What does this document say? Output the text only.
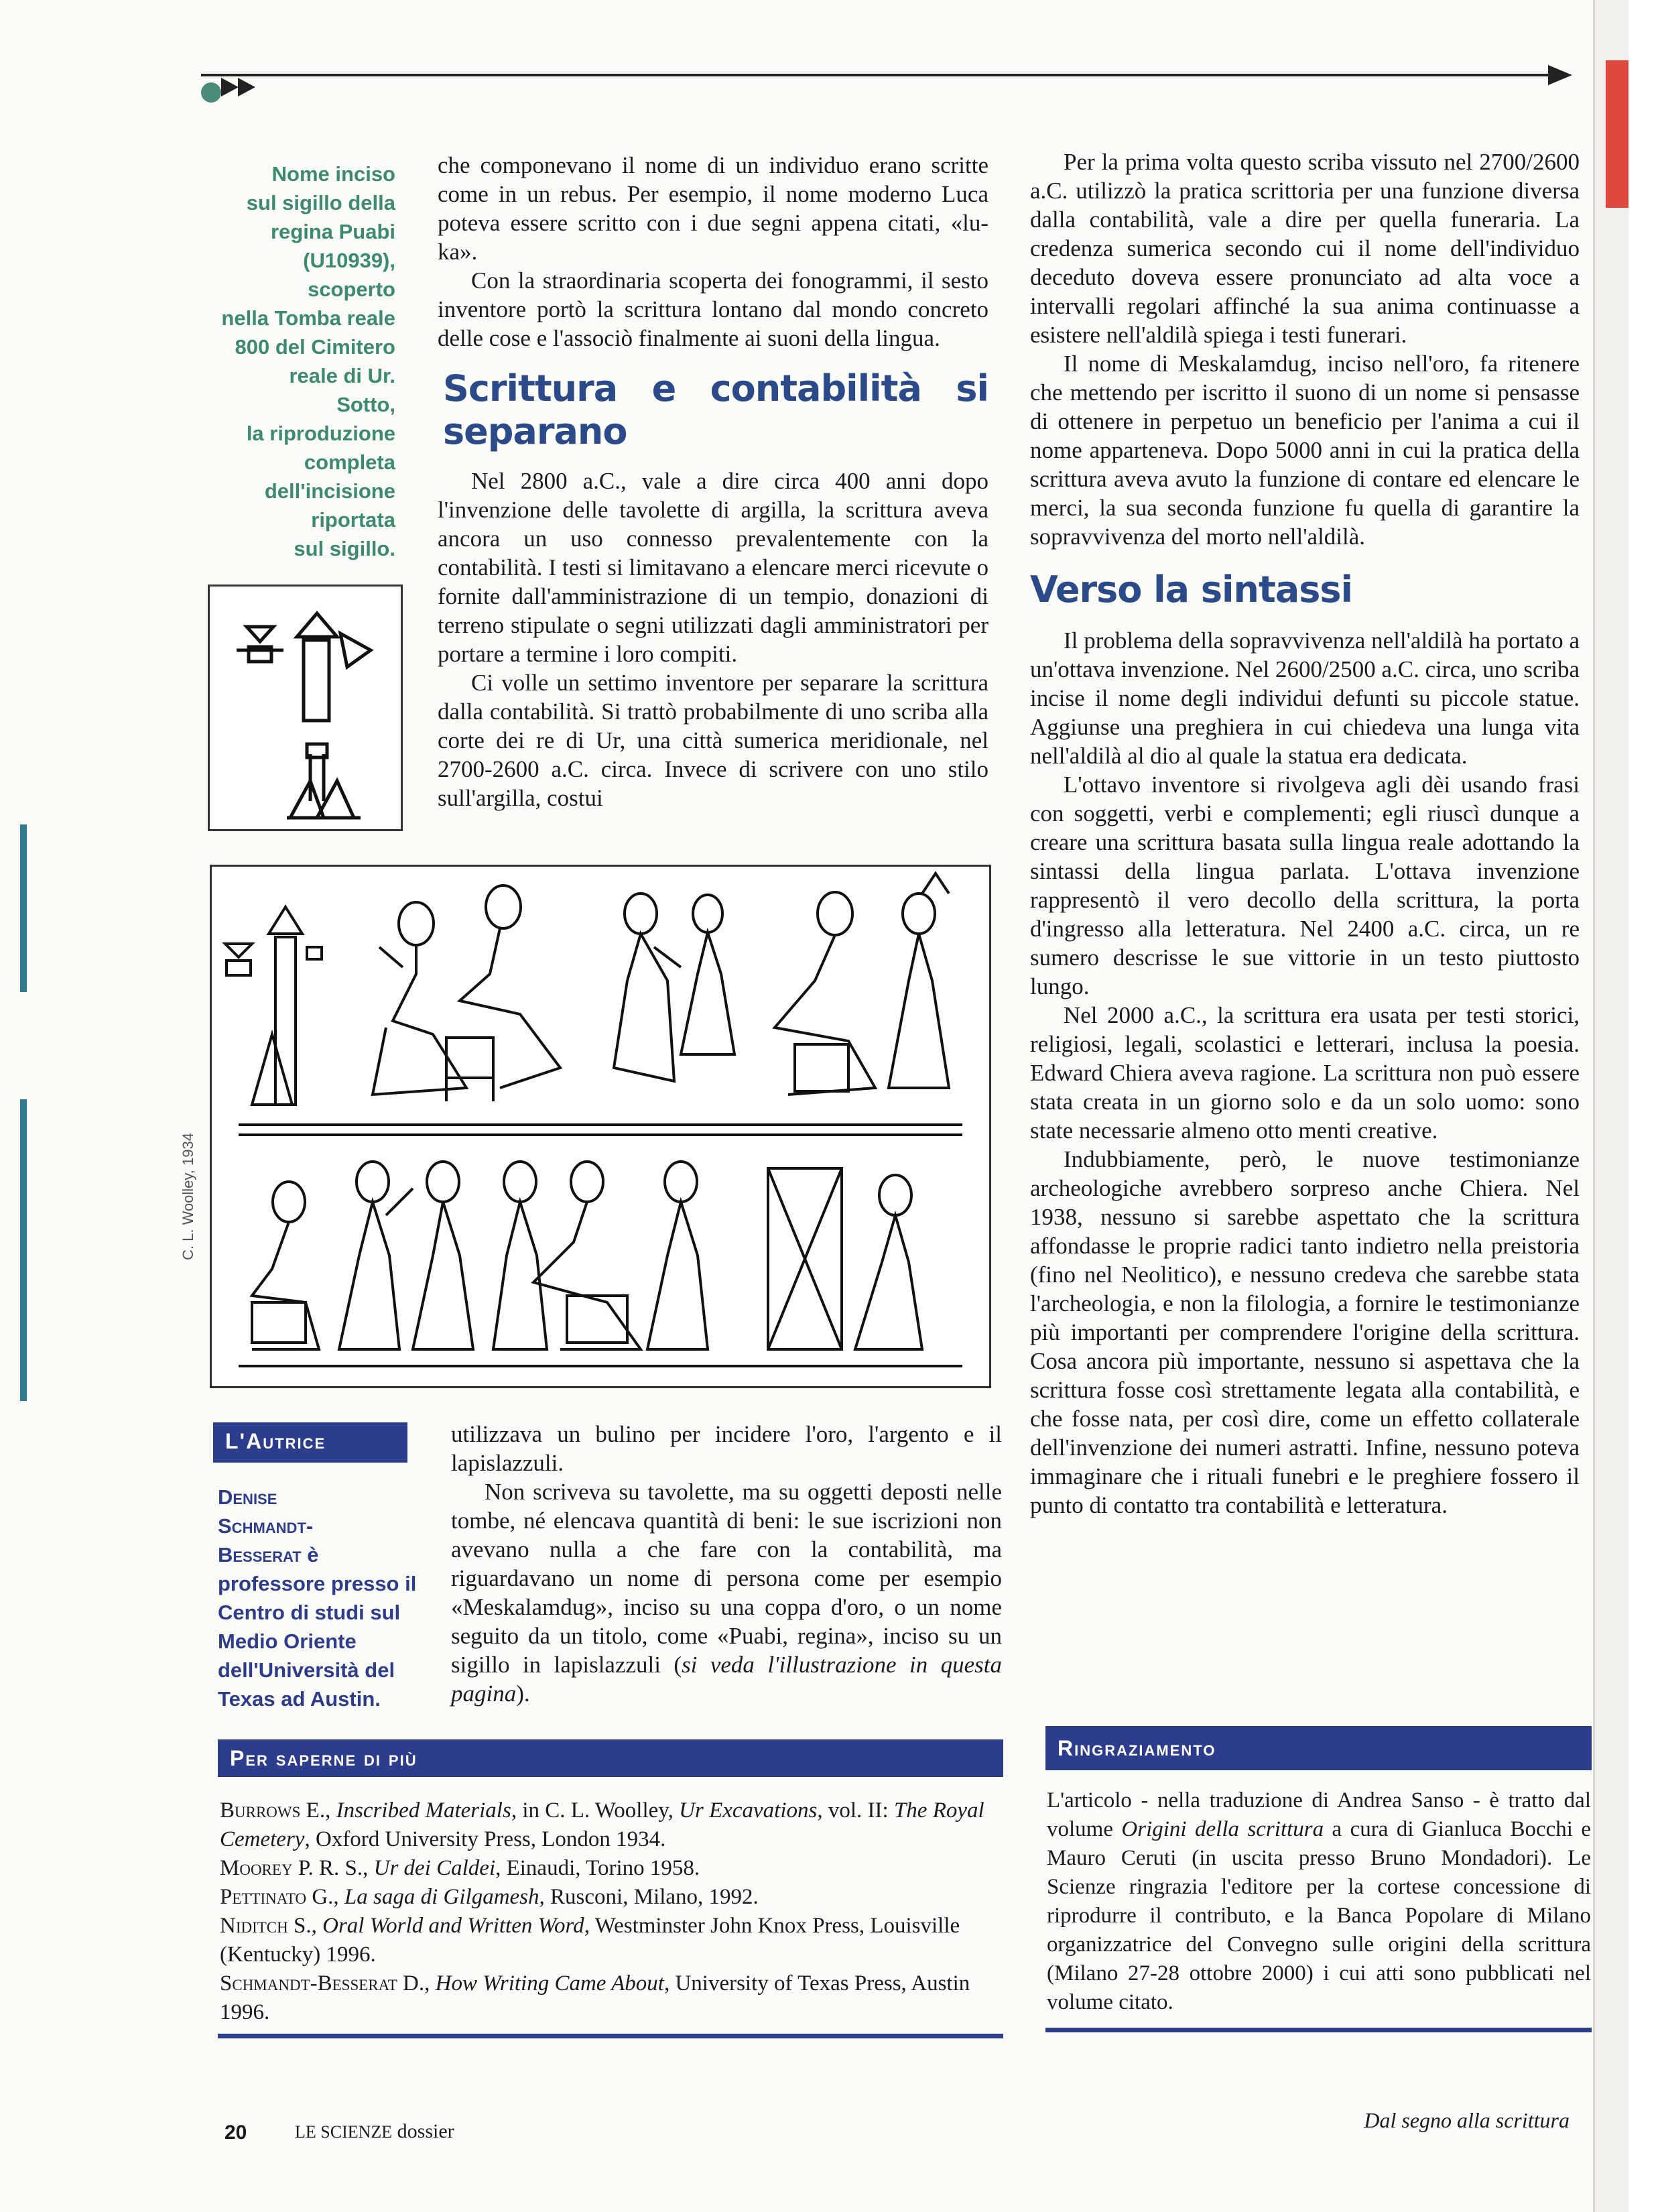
Nome inciso
sul sigillo della
regina Puabi
(U10939),
scoperto
nella Tomba reale
800 del Cimitero
reale di Ur.
Sotto,
la riproduzione
completa
dell'incisione
riportata
sul sigillo.

che componevano il nome di un individuo erano scritte come in un rebus. Per esempio, il nome moderno Luca poteva essere scritto con i due segni appena citati, «lu-ka».

Con la straordinaria scoperta dei fonogrammi, il sesto inventore portò la scrittura lontano dal mondo concreto delle cose e l'associò finalmente ai suoni della lingua.

Scrittura e contabilità si separano

Nel 2800 a.C., vale a dire circa 400 anni dopo l'invenzione delle tavolette di argilla, la scrittura aveva ancora un uso connesso prevalentemente con la contabilità. I testi si limitavano a elencare merci ricevute o fornite dall'amministrazione di un tempio, donazioni di terreno stipulate o segni utilizzati dagli amministratori per portare a termine i loro compiti.

Ci volle un settimo inventore per separare la scrittura dalla contabilità. Si trattò probabilmente di uno scriba alla corte dei re di Ur, una città sumerica meridionale, nel 2700-2600 a.C. circa. Invece di scrivere con uno stilo sull'argilla, costui

Per la prima volta questo scriba vissuto nel 2700/2600 a.C. utilizzò la pratica scrittoria per una funzione diversa dalla contabilità, vale a dire per quella funeraria. La credenza sumerica secondo cui il nome dell'individuo deceduto doveva essere pronunciato ad alta voce a intervalli regolari affinché la sua anima continuasse a esistere nell'aldilà spiega i testi funerari.

Il nome di Meskalamdug, inciso nell'oro, fa ritenere che mettendo per iscritto il suono di un nome si pensasse di ottenere in perpetuo un beneficio per l'anima a cui il nome apparteneva. Dopo 5000 anni in cui la pratica della scrittura aveva avuto la funzione di contare ed elencare le merci, la sua seconda funzione fu quella di garantire la sopravvivenza del morto nell'aldilà.

Verso la sintassi

Il problema della sopravvivenza nell'aldilà ha portato a un'ottava invenzione. Nel 2600/2500 a.C. circa, uno scriba incise il nome degli individui defunti su piccole statue. Aggiunse una preghiera in cui chiedeva una lunga vita nell'aldilà al dio al quale la statua era dedicata.

L'ottavo inventore si rivolgeva agli dèi usando frasi con soggetti, verbi e complementi; egli riuscì dunque a creare una scrittura basata sulla lingua reale adottando la sintassi della lingua parlata. L'ottava invenzione rappresentò il vero decollo della scrittura, la porta d'ingresso alla letteratura. Nel 2400 a.C. circa, un re sumero descrisse le sue vittorie in un testo piuttosto lungo.

Nel 2000 a.C., la scrittura era usata per testi storici, religiosi, legali, scolastici e letterari, inclusa la poesia. Edward Chiera aveva ragione. La scrittura non può essere stata creata in un giorno solo e da un solo uomo: sono state necessarie almeno otto menti creative.

Indubbiamente, però, le nuove testimonianze archeologiche avrebbero sorpreso anche Chiera. Nel 1938, nessuno si sarebbe aspettato che la scrittura affondasse le proprie radici tanto indietro nella preistoria (fino nel Neolitico), e nessuno credeva che sarebbe stata l'archeologia, e non la filologia, a fornire le testimonianze più importanti per comprendere l'origine della scrittura. Cosa ancora più importante, nessuno si aspettava che la scrittura fosse così strettamente legata alla contabilità, e che fosse nata, per così dire, come un effetto collaterale dell'invenzione dei numeri astratti. Infine, nessuno poteva immaginare che i rituali funebri e le preghiere fossero il punto di contatto tra contabilità e letteratura.

C. L. Woolley, 1934

utilizzava un bulino per incidere l'oro, l'argento e il lapislazzuli.

Non scriveva su tavolette, ma su oggetti deposti nelle tombe, né elencava quantità di beni: le sue iscrizioni non avevano nulla a che fare con la contabilità, ma riguardavano un nome di persona come per esempio «Meskalamdug», inciso su una coppa d'oro, o un nome seguito da un titolo, come «Puabi, regina», inciso su un sigillo in lapislazzuli (si veda l'illustrazione in questa pagina).

L'Autrice
Denise
Schmandt-
Besserat è
professore presso il Centro di studi sul Medio Oriente dell'Università del Texas ad Austin.
Per saperne di più

Burrows E., Inscribed Materials, in C. L. Woolley, Ur Excavations, vol. II: The Royal Cemetery, Oxford University Press, London 1934.

Moorey P. R. S., Ur dei Caldei, Einaudi, Torino 1958.

Pettinato G., La saga di Gilgamesh, Rusconi, Milano, 1992.

Niditch S., Oral World and Written Word, Westminster John Knox Press, Louisville (Kentucky) 1996.

Schmandt-Besserat D., How Writing Came About, University of Texas Press, Austin 1996.

Ringraziamento

L'articolo - nella traduzione di Andrea Sanso - è tratto dal volume Origini della scrittura a cura di Gianluca Bocchi e Mauro Ceruti (in uscita presso Bruno Mondadori). Le Scienze ringrazia l'editore per la cortese concessione di riprodurre il contributo, e la Banca Popolare di Milano organizzatrice del Convegno sulle origini della scrittura (Milano 27-28 ottobre 2000) i cui atti sono pubblicati nel volume citato.

20	LE SCIENZE dossier	Dal segno alla scrittura
